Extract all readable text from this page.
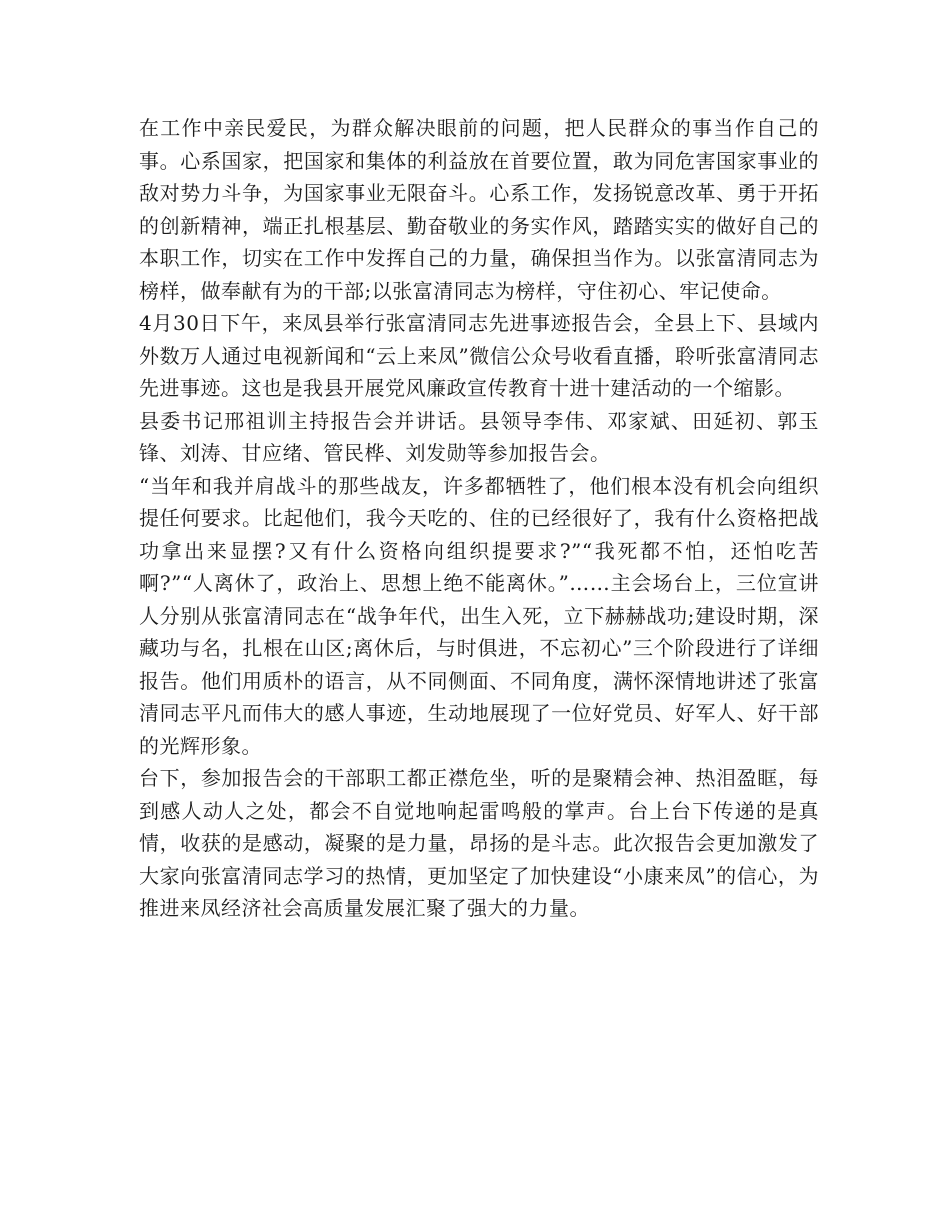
在工作中亲民爱民，为群众解决眼前的问题，把人民群众的事当作自己的事。心系国家，把国家和集体的利益放在首要位置，敢为同危害国家事业的敌对势力斗争，为国家事业无限奋斗。心系工作，发扬锐意改革、勇于开拓的创新精神，端正扎根基层、勤奋敬业的务实作风，踏踏实实的做好自己的本职工作，切实在工作中发挥自己的力量，确保担当作为。以张富清同志为榜样，做奉献有为的干部;以张富清同志为榜样，守住初心、牢记使命。

4月30日下午，来凤县举行张富清同志先进事迹报告会，全县上下、县域内外数万人通过电视新闻和“云上来凤”微信公众号收看直播，聆听张富清同志先进事迹。这也是我县开展党风廉政宣传教育十进十建活动的一个缩影。

县委书记邢祖训主持报告会并讲话。县领导李伟、邓家斌、田延初、郭玉锋、刘涛、甘应绪、管民桦、刘发勋等参加报告会。

“当年和我并肩战斗的那些战友，许多都牺牲了，他们根本没有机会向组织提任何要求。比起他们，我今天吃的、住的已经很好了，我有什么资格把战功拿出来显摆?又有什么资格向组织提要求?”“我死都不怕，还怕吃苦啊?”“人离休了，政治上、思想上绝不能离休。”……主会场台上，三位宣讲人分别从张富清同志在“战争年代，出生入死，立下赫赫战功;建设时期，深藏功与名，扎根在山区;离休后，与时俱进，不忘初心”三个阶段进行了详细报告。他们用质朴的语言，从不同侧面、不同角度，满怀深情地讲述了张富清同志平凡而伟大的感人事迹，生动地展现了一位好党员、好军人、好干部的光辉形象。

台下，参加报告会的干部职工都正襟危坐，听的是聚精会神、热泪盈眶，每到感人动人之处，都会不自觉地响起雷鸣般的掌声。台上台下传递的是真情，收获的是感动，凝聚的是力量，昂扬的是斗志。此次报告会更加激发了大家向张富清同志学习的热情，更加坚定了加快建设“小康来凤”的信心，为推进来凤经济社会高质量发展汇聚了强大的力量。
